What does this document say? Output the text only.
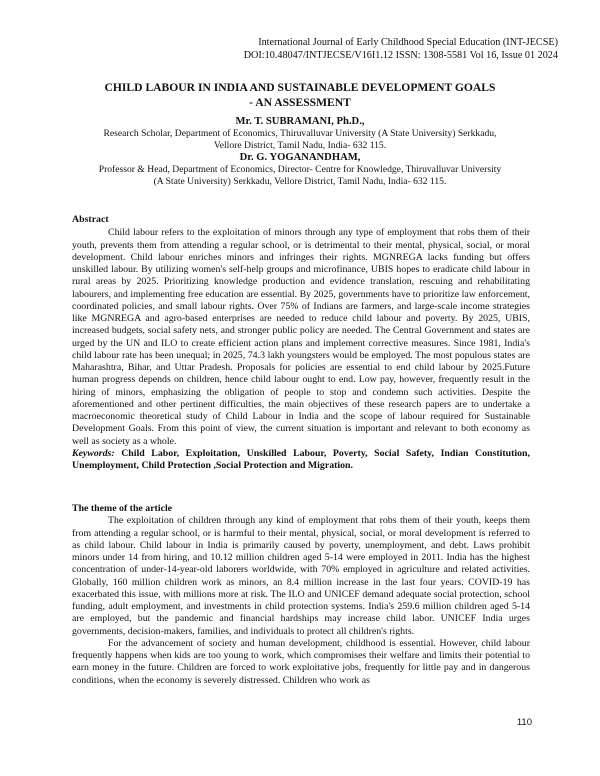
International Journal of Early Childhood Special Education (INT-JECSE)
DOI:10.48047/INTJECSE/V16I1.12 ISSN: 1308-5581 Vol 16, Issue 01 2024
CHILD LABOUR IN INDIA AND SUSTAINABLE DEVELOPMENT GOALS
- AN ASSESSMENT
Mr. T. SUBRAMANI, Ph.D.,
Research Scholar, Department of Economics, Thiruvalluvar University (A State University) Serkkadu,
Vellore District, Tamil Nadu, India- 632 115.
Dr. G. YOGANANDHAM,
Professor & Head, Department of Economics, Director- Centre for Knowledge, Thiruvalluvar University
(A State University) Serkkadu, Vellore District, Tamil Nadu, India- 632 115.
Abstract

Child labour refers to the exploitation of minors through any type of employment that robs them of their youth, prevents them from attending a regular school, or is detrimental to their mental, physical, social, or moral development. Child labour enriches minors and infringes their rights. MGNREGA lacks funding but offers unskilled labour. By utilizing women's self-help groups and microfinance, UBIS hopes to eradicate child labour in rural areas by 2025. Prioritizing knowledge production and evidence translation, rescuing and rehabilitating labourers, and implementing free education are essential. By 2025, governments have to prioritize law enforcement, coordinated policies, and small labour rights. Over 75% of Indians are farmers, and large-scale income strategies like MGNREGA and agro-based enterprises are needed to reduce child labour and poverty. By 2025, UBIS, increased budgets, social safety nets, and stronger public policy are needed. The Central Government and states are urged by the UN and ILO to create efficient action plans and implement corrective measures. Since 1981, India's child labour rate has been unequal; in 2025, 74.3 lakh youngsters would be employed. The most populous states are Maharashtra, Bihar, and Uttar Pradesh. Proposals for policies are essential to end child labour by 2025.Future human progress depends on children, hence child labour ought to end. Low pay, however, frequently result in the hiring of minors, emphasizing the obligation of people to stop and condemn such activities. Despite the aforementioned and other pertinent difficulties, the main objectives of these research papers are to undertake a macroeconomic theoretical study of Child Labour in India and the scope of labour required for Sustainable Development Goals. From this point of view, the current situation is important and relevant to both economy as well as society as a whole.

Keywords: Child Labor, Exploitation, Unskilled Labour, Poverty, Social Safety, Indian Constitution, Unemployment, Child Protection ,Social Protection and Migration.
The theme of the article

The exploitation of children through any kind of employment that robs them of their youth, keeps them from attending a regular school, or is harmful to their mental, physical, social, or moral development is referred to as child labour. Child labour in India is primarily caused by poverty, unemployment, and debt. Laws prohibit minors under 14 from hiring, and 10.12 million children aged 5-14 were employed in 2011. India has the highest concentration of under-14-year-old laborers worldwide, with 70% employed in agriculture and related activities. Globally, 160 million children work as minors, an 8.4 million increase in the last four years. COVID-19 has exacerbated this issue, with millions more at risk. The ILO and UNICEF demand adequate social protection, school funding, adult employment, and investments in child protection systems. India's 259.6 million children aged 5-14 are employed, but the pandemic and financial hardships may increase child labor. UNICEF India urges governments, decision-makers, families, and individuals to protect all children's rights.

For the advancement of society and human development, childhood is essential. However, child labour frequently happens when kids are too young to work, which compromises their welfare and limits their potential to earn money in the future. Children are forced to work exploitative jobs, frequently for little pay and in dangerous conditions, when the economy is severely distressed. Children who work as

110
